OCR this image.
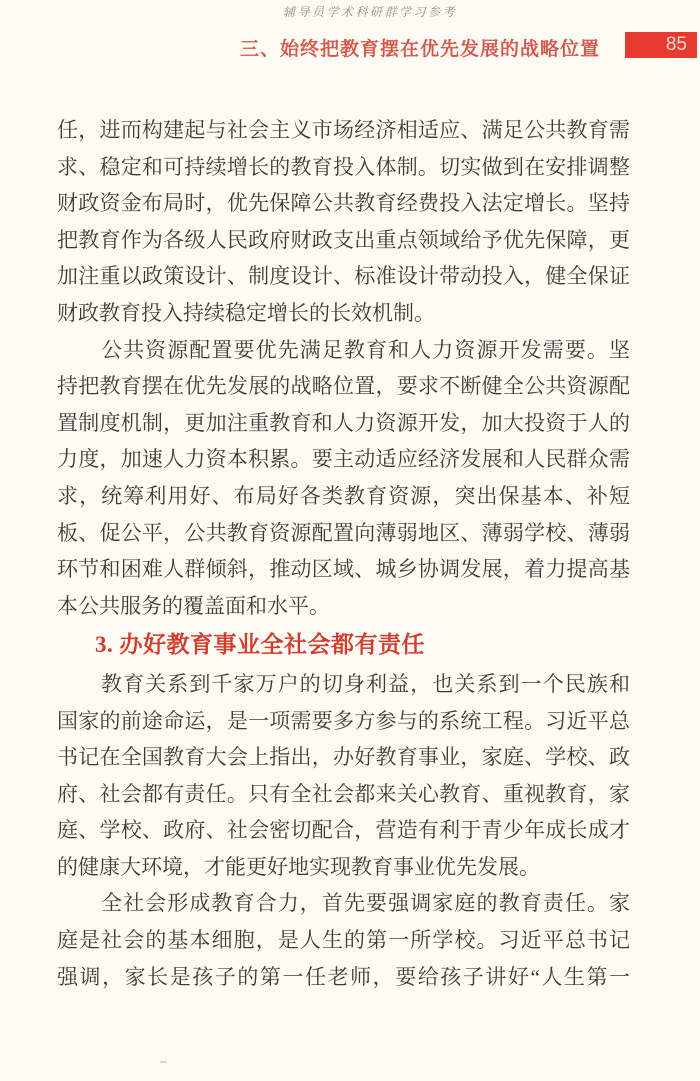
辅导员学术科研群学习参考
三、始终把教育摆在优先发展的战略位置	85
任，进而构建起与社会主义市场经济相适应、满足公共教育需
求、稳定和可持续增长的教育投入体制。切实做到在安排调整
财政资金布局时，优先保障公共教育经费投入法定增长。坚持
把教育作为各级人民政府财政支出重点领域给予优先保障，更
加注重以政策设计、制度设计、标准设计带动投入，健全保证
财政教育投入持续稳定增长的长效机制。
公共资源配置要优先满足教育和人力资源开发需要。坚
持把教育摆在优先发展的战略位置，要求不断健全公共资源配
置制度机制，更加注重教育和人力资源开发，加大投资于人的
力度，加速人力资本积累。要主动适应经济发展和人民群众需
求，统筹利用好、布局好各类教育资源，突出保基本、补短
板、促公平，公共教育资源配置向薄弱地区、薄弱学校、薄弱
环节和困难人群倾斜，推动区域、城乡协调发展，着力提高基
本公共服务的覆盖面和水平。
3. 办好教育事业全社会都有责任
教育关系到千家万户的切身利益，也关系到一个民族和
国家的前途命运，是一项需要多方参与的系统工程。习近平总
书记在全国教育大会上指出，办好教育事业，家庭、学校、政
府、社会都有责任。只有全社会都来关心教育、重视教育，家
庭、学校、政府、社会密切配合，营造有利于青少年成长成才
的健康大环境，才能更好地实现教育事业优先发展。
全社会形成教育合力，首先要强调家庭的教育责任。家
庭是社会的基本细胞，是人生的第一所学校。习近平总书记
强调，家长是孩子的第一任老师，要给孩子讲好“人生第一
